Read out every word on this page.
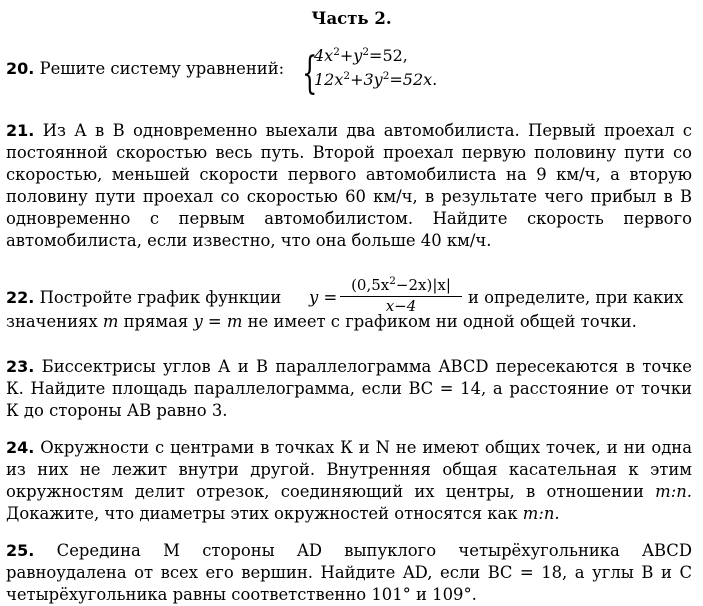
Часть 2.
20. Решите систему уравнений: {
$4x^2+y^2=52$,
$12x^2+3y^2=52x$.
21. Из А в В одновременно выехали два автомобилиста. Первый проехал с постоянной скоростью весь путь. Второй проехал первую половину пути со скоростью, меньшей скорости первого автомобилиста на 9 км/ч, а вторую половину пути проехал со скоростью 60 км/ч, в результате чего прибыл в В одновременно с первым автомобилистом. Найдите скорость первого автомобилиста, если известно, что она больше 40 км/ч.
22. Постройте график функции y =
$(0,5x^2-2x)|x|$
x−4	и определите, при каких
значениях m прямая y = m не имеет с графиком ни одной общей точки.
23. Биссектрисы углов А и В параллелограмма ABCD пересекаются в точке К. Найдите площадь параллелограмма, если ВС = 14, а расстояние от точки К до стороны АВ равно 3.
24. Окружности с центрами в точках К и N не имеют общих точек, и ни одна из них не лежит внутри другой. Внутренняя общая касательная к этим окружностям делит отрезок, соединяющий их центры, в отношении m:n. Докажите, что диаметры этих окружностей относятся как m:n.
25. Середина М стороны AD выпуклого четырёхугольника ABCD равноудалена от всех его вершин. Найдите AD, если ВС = 18, а углы В и С четырёхугольника равны соответственно 101° и 109°.
